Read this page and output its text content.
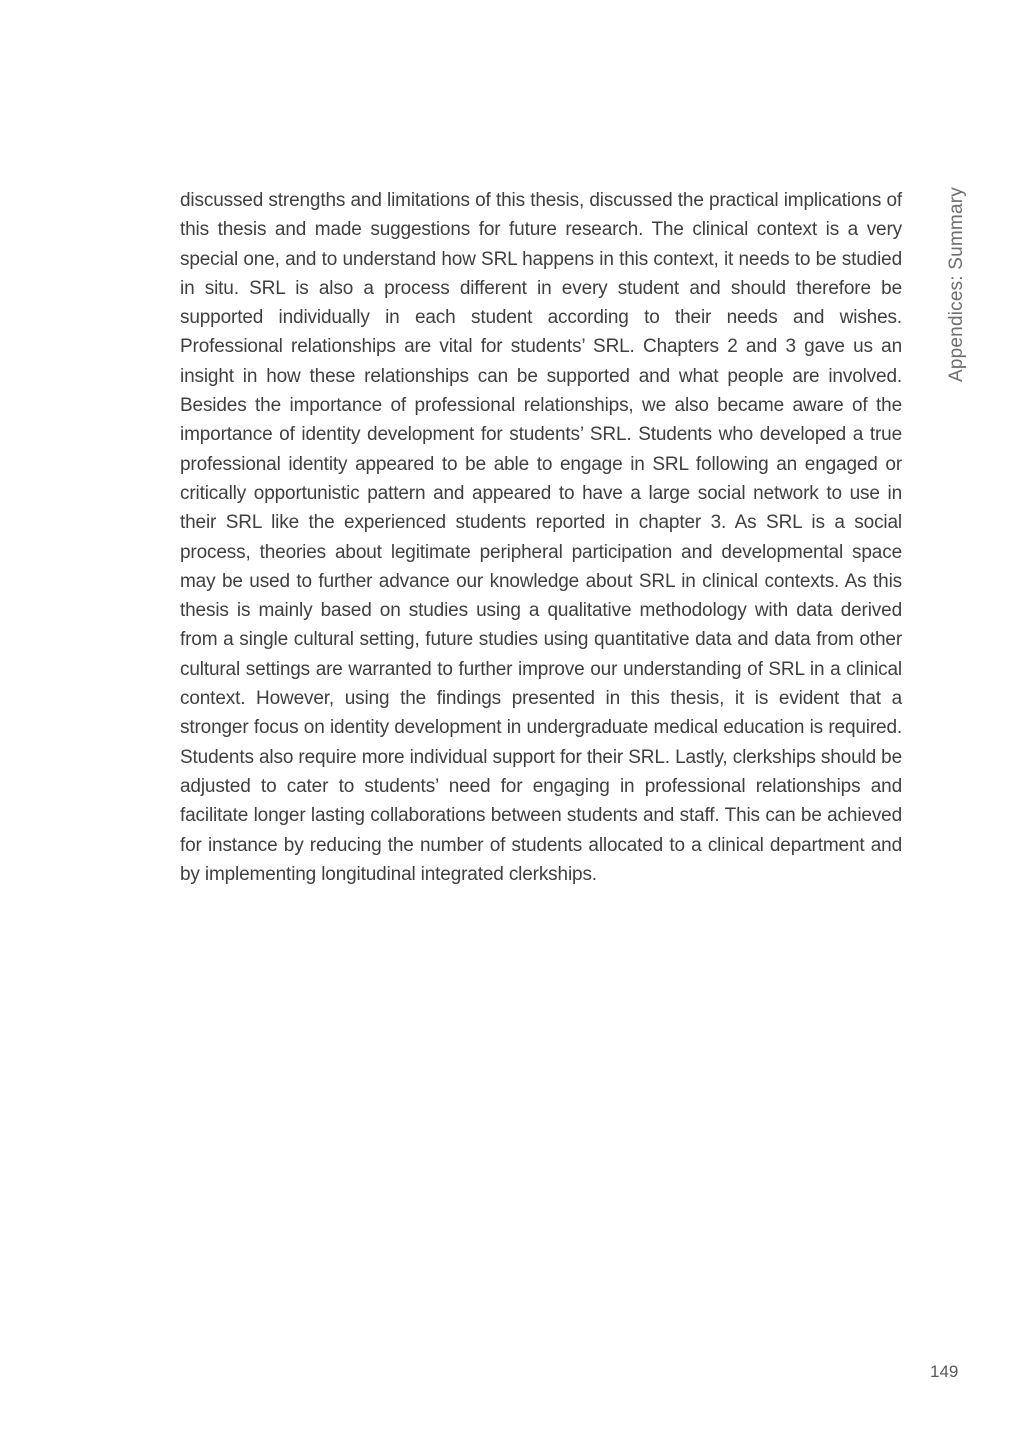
discussed strengths and limitations of this thesis, discussed the practical implications of this thesis and made suggestions for future research. The clinical context is a very special one, and to understand how SRL happens in this context, it needs to be studied in situ. SRL is also a process different in every student and should therefore be supported individually in each student according to their needs and wishes. Professional relationships are vital for students’ SRL. Chapters 2 and 3 gave us an insight in how these relationships can be supported and what people are involved. Besides the importance of professional relationships, we also became aware of the importance of identity development for students’ SRL. Students who developed a true professional identity appeared to be able to engage in SRL following an engaged or critically opportunistic pattern and appeared to have a large social network to use in their SRL like the experienced students reported in chapter 3. As SRL is a social process, theories about legitimate peripheral participation and developmental space may be used to further advance our knowledge about SRL in clinical contexts. As this thesis is mainly based on studies using a qualitative methodology with data derived from a single cultural setting, future studies using quantitative data and data from other cultural settings are warranted to further improve our understanding of SRL in a clinical context. However, using the findings presented in this thesis, it is evident that a stronger focus on identity development in undergraduate medical education is required. Students also require more individual support for their SRL. Lastly, clerkships should be adjusted to cater to students’ need for engaging in professional relationships and facilitate longer lasting collaborations between students and staff. This can be achieved for instance by reducing the number of students allocated to a clinical department and by implementing longitudinal integrated clerkships.

Appendices: Summary
149
